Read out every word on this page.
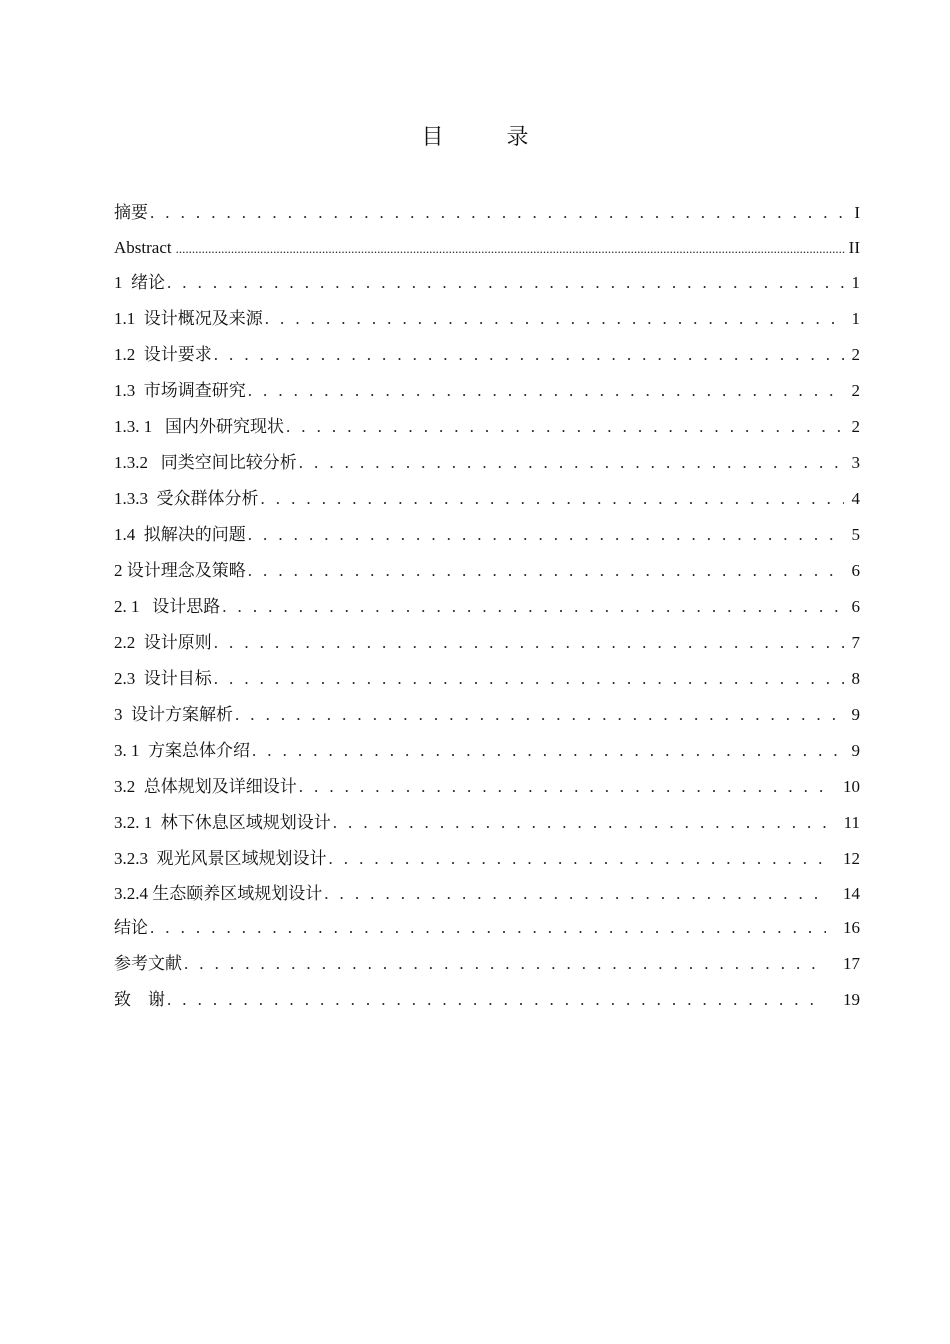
目 录
摘要 . . .	I
Abstract .....	II
1  绪论 . . .	1
1.1  设计概况及来源 . . .	1
1.2  设计要求 . . .	2
1.3  市场调查研究 . . .	2
1.3. 1   国内外研究现状 . . .	2
1.3.2   同类空间比较分析 . . .	3
1.3.3  受众群体分析 . . .	4
1.4  拟解决的问题 . . .	5
2 设计理念及策略 . . .	6
2. 1   设计思路 . . .	6
2.2  设计原则 . . .	7
2.3  设计目标 . . .	8
3  设计方案解析 . . .	9
3. 1  方案总体介绍 . . .	9
3.2  总体规划及详细设计 . . .	10
3.2. 1  林下休息区域规划设计 . . .	11
3.2.3  观光风景区域规划设计 . . .	12
3.2.4 生态颐养区域规划设计 . . .	14
结论 . . .	16
参考文献 . . .	17
致    谢 . . .	19
